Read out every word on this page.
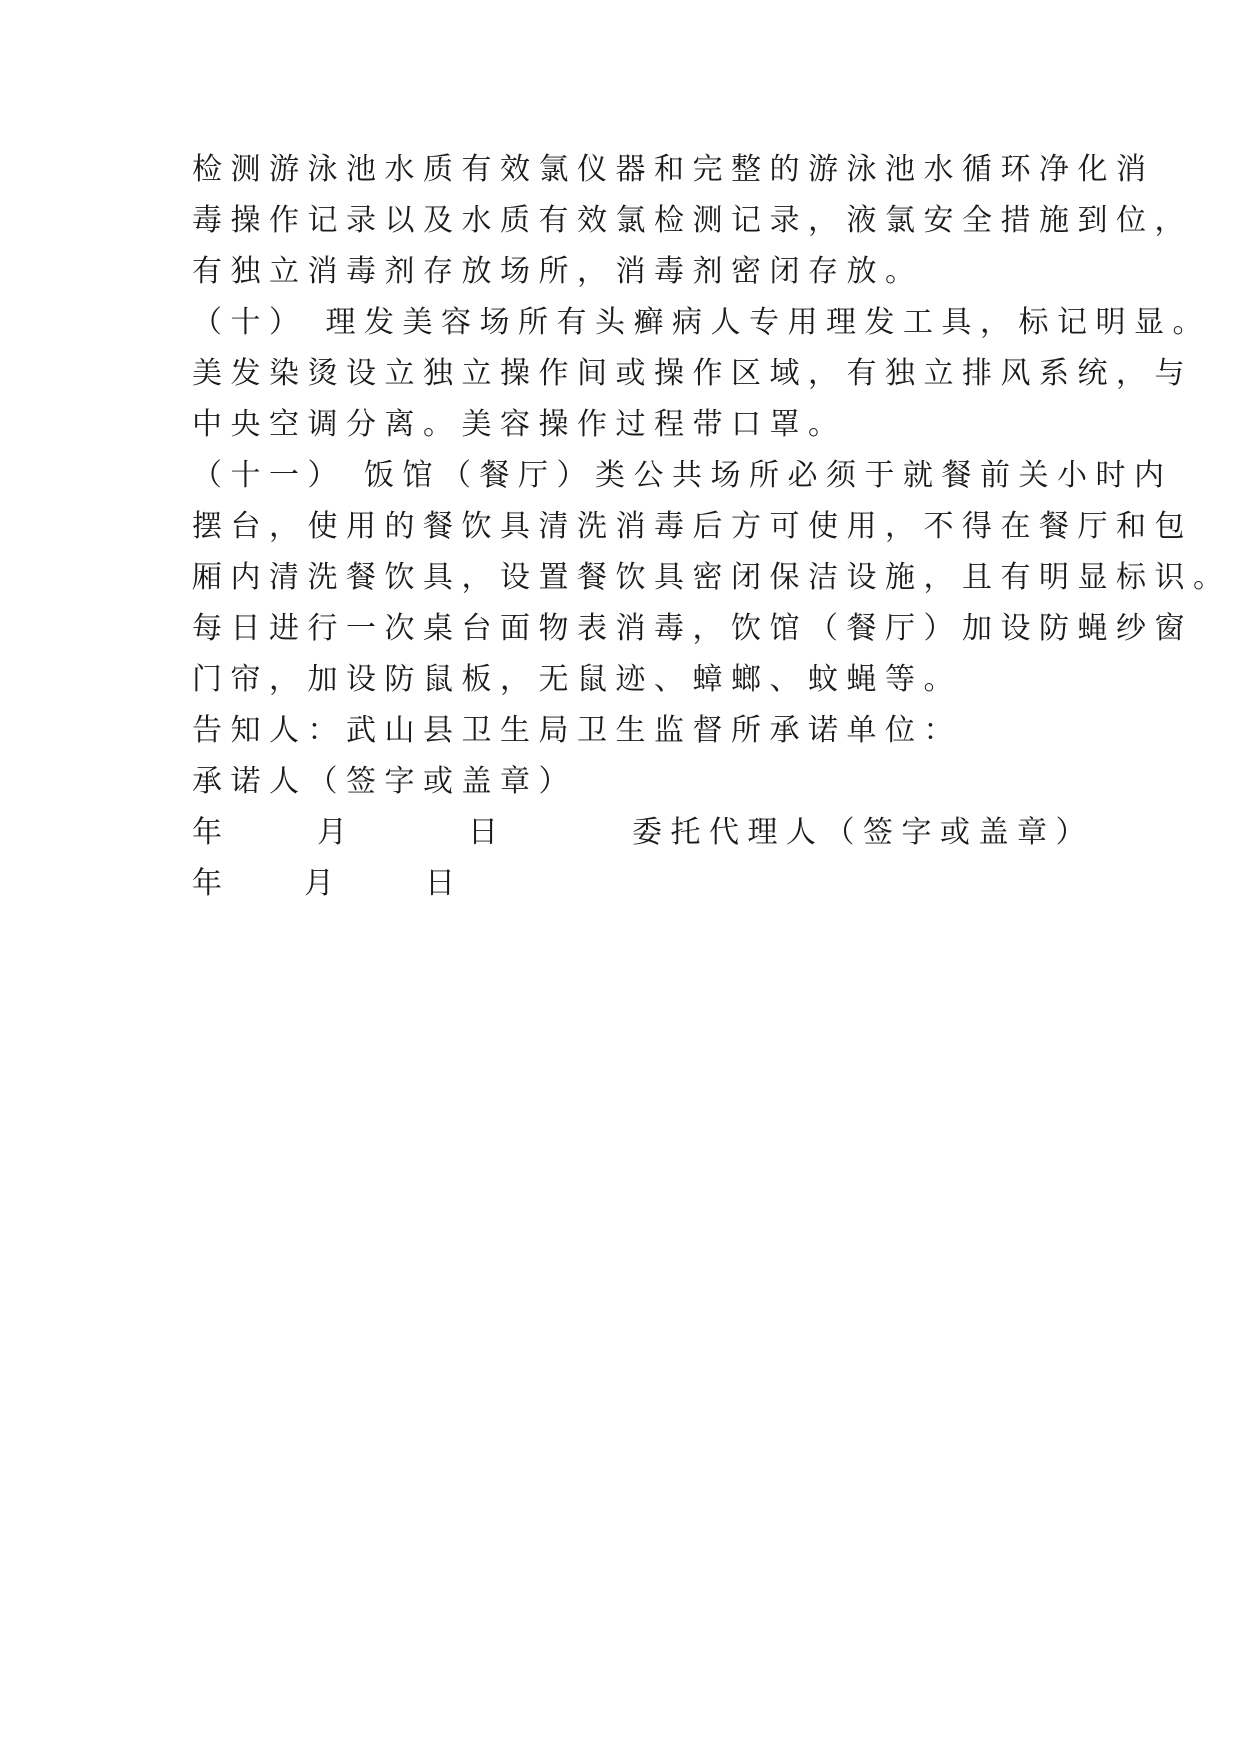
检测游泳池水质有效氯仪器和完整的游泳池水循环净化消
毒操作记录以及水质有效氯检测记录，液氯安全措施到位，
有独立消毒剂存放场所，消毒剂密闭存放。
（十） 理发美容场所有头癣病人专用理发工具，标记明显。
美发染烫设立独立操作间或操作区域，有独立排风系统，与
中央空调分离。美容操作过程带口罩。
（十一） 饭馆（餐厅）类公共场所必须于就餐前关小时内
摆台，使用的餐饮具清洗消毒后方可使用，不得在餐厅和包
厢内清洗餐饮具，设置餐饮具密闭保洁设施，且有明显标识。
每日进行一次桌台面物表消毒，饮馆（餐厅）加设防蝇纱窗
门帘，加设防鼠板，无鼠迹、蟑螂、蚊蝇等。
告知人：武山县卫生局卫生监督所承诺单位：
承诺人（签字或盖章）
年	月	日	委托代理人（签字或盖章）
年 月	日
